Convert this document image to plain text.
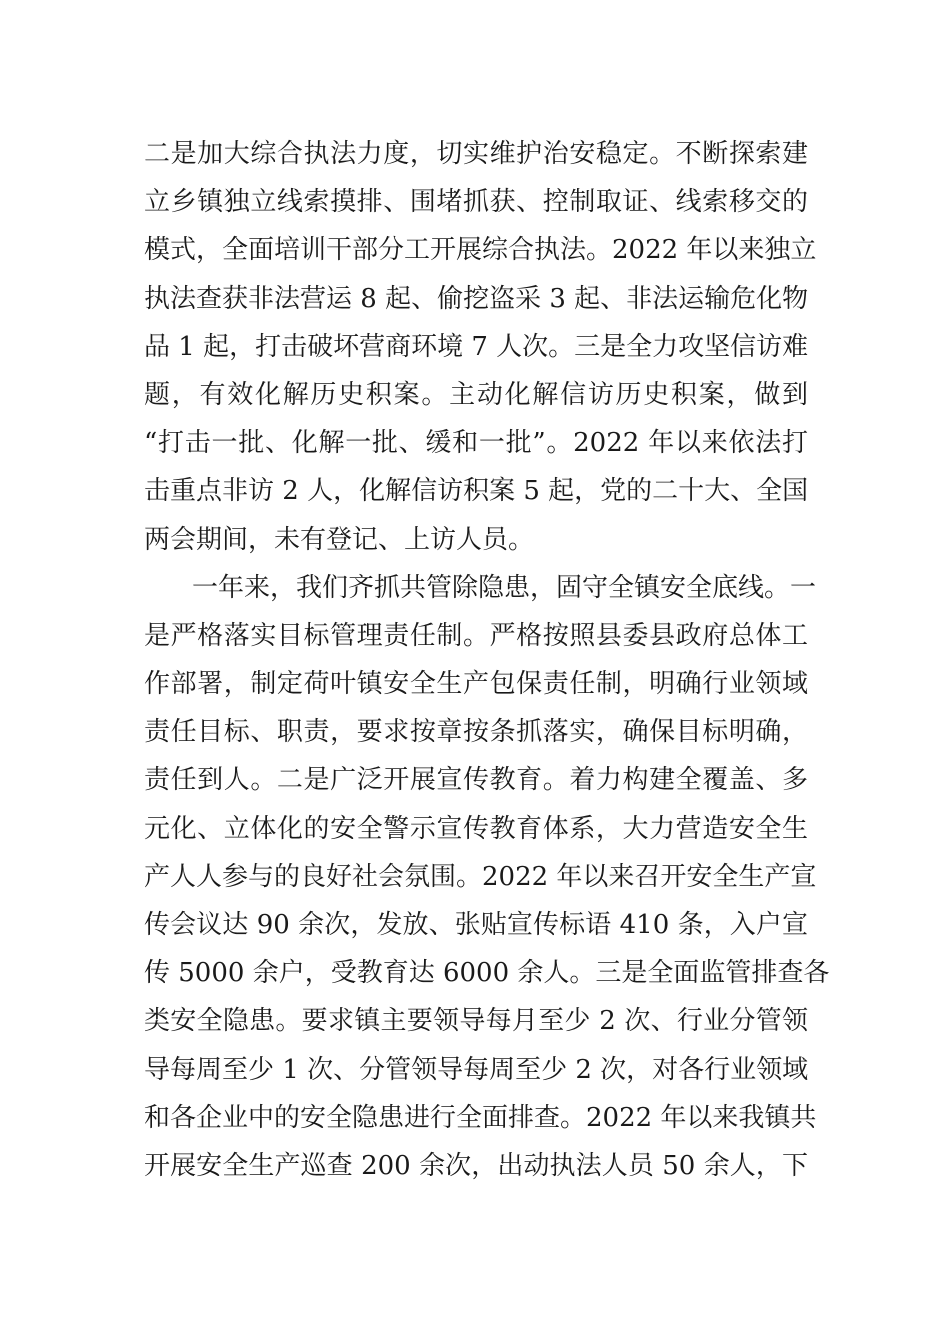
二是加大综合执法力度，切实维护治安稳定。不断探索建
立乡镇独立线索摸排、围堵抓获、控制取证、线索移交的
模式，全面培训干部分工开展综合执法。2022 年以来独立
执法查获非法营运 8 起、偷挖盗采 3 起、非法运输危化物
品 1 起，打击破坏营商环境 7 人次。三是全力攻坚信访难
题，有效化解历史积案。主动化解信访历史积案，做到
“打击一批、化解一批、缓和一批”。2022 年以来依法打
击重点非访 2 人，化解信访积案 5 起，党的二十大、全国
两会期间，未有登记、上访人员。
一年来，我们齐抓共管除隐患，固守全镇安全底线。一
是严格落实目标管理责任制。严格按照县委县政府总体工
作部署，制定荷叶镇安全生产包保责任制，明确行业领域
责任目标、职责，要求按章按条抓落实，确保目标明确，
责任到人。二是广泛开展宣传教育。着力构建全覆盖、多
元化、立体化的安全警示宣传教育体系，大力营造安全生
产人人参与的良好社会氛围。2022 年以来召开安全生产宣
传会议达 90 余次，发放、张贴宣传标语 410 条，入户宣
传 5000 余户，受教育达 6000 余人。三是全面监管排查各
类安全隐患。要求镇主要领导每月至少 2 次、行业分管领
导每周至少 1 次、分管领导每周至少 2 次，对各行业领域
和各企业中的安全隐患进行全面排查。2022 年以来我镇共
开展安全生产巡查 200 余次，出动执法人员 50 余人，下
